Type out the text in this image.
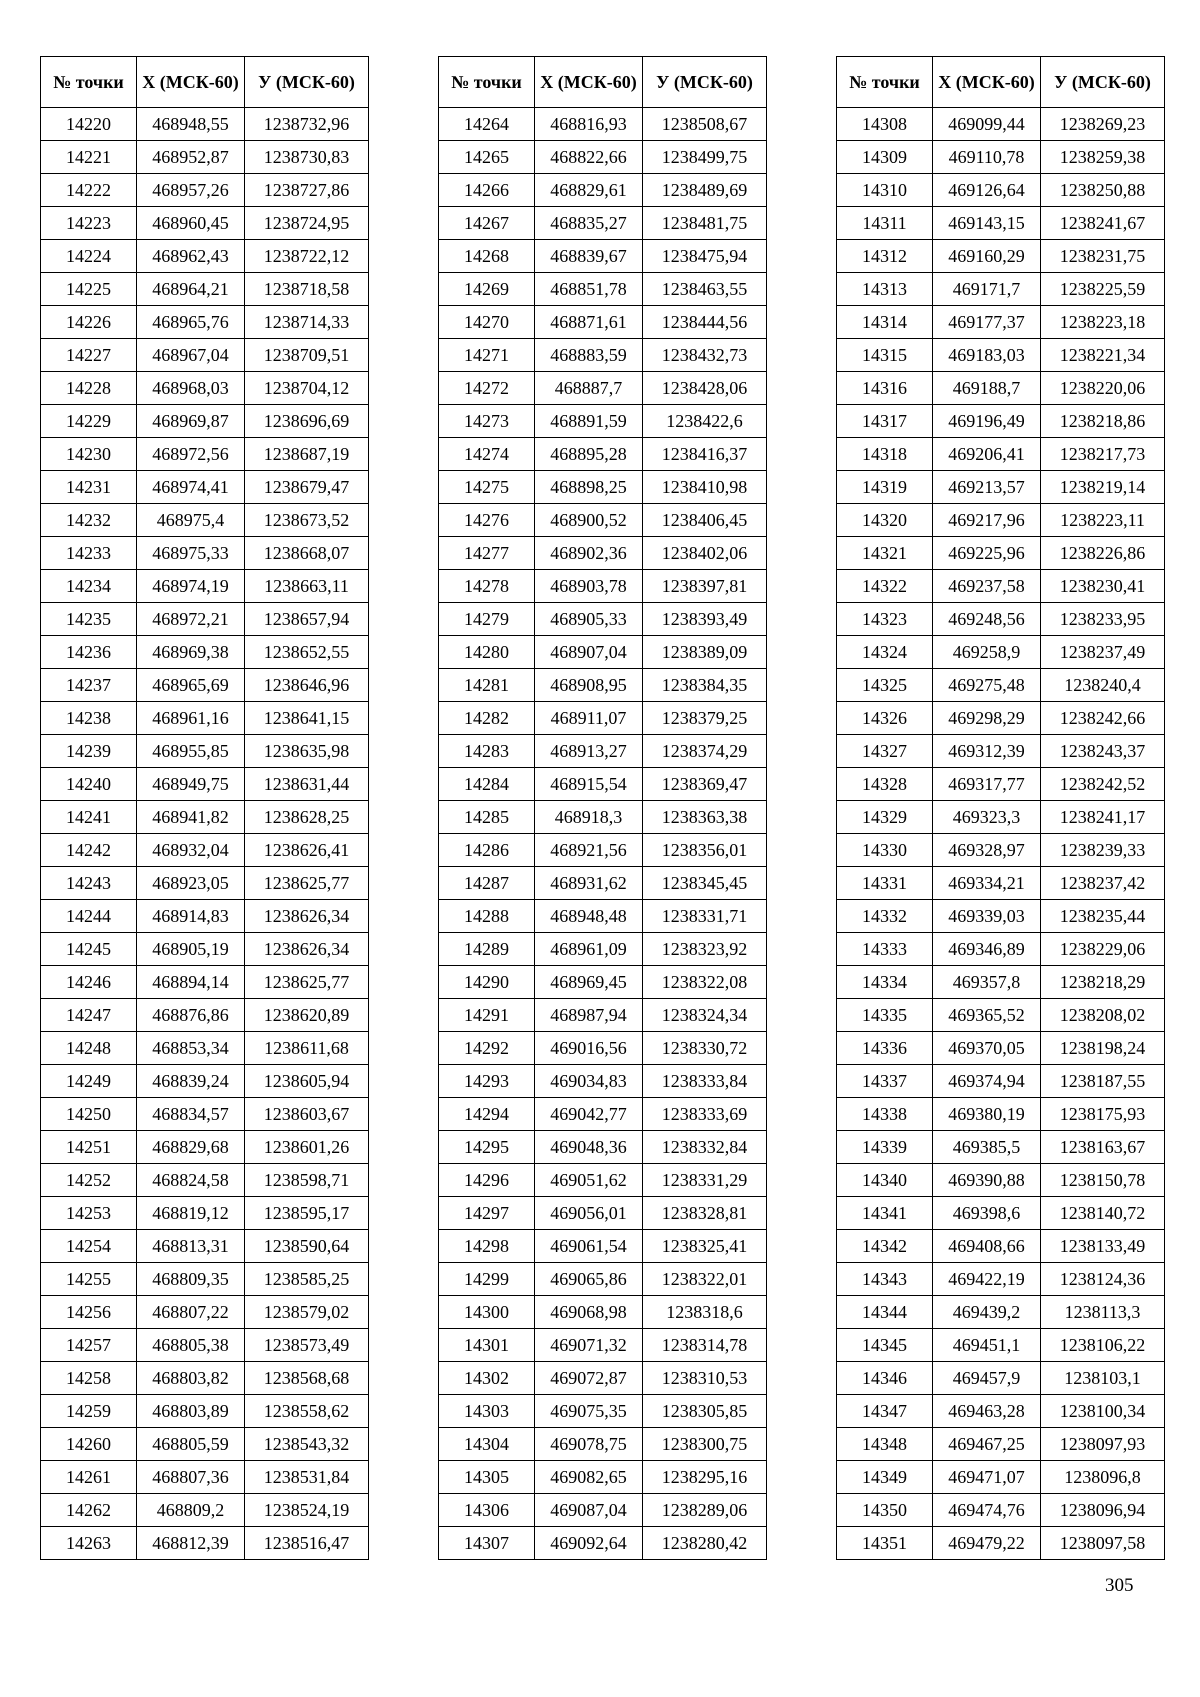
№ точки	X (МСК-60)	У (МСК-60)
14220	468948,55	1238732,96
14221	468952,87	1238730,83
14222	468957,26	1238727,86
14223	468960,45	1238724,95
14224	468962,43	1238722,12
14225	468964,21	1238718,58
14226	468965,76	1238714,33
14227	468967,04	1238709,51
14228	468968,03	1238704,12
14229	468969,87	1238696,69
14230	468972,56	1238687,19
14231	468974,41	1238679,47
14232	468975,4	1238673,52
14233	468975,33	1238668,07
14234	468974,19	1238663,11
14235	468972,21	1238657,94
14236	468969,38	1238652,55
14237	468965,69	1238646,96
14238	468961,16	1238641,15
14239	468955,85	1238635,98
14240	468949,75	1238631,44
14241	468941,82	1238628,25
14242	468932,04	1238626,41
14243	468923,05	1238625,77
14244	468914,83	1238626,34
14245	468905,19	1238626,34
14246	468894,14	1238625,77
14247	468876,86	1238620,89
14248	468853,34	1238611,68
14249	468839,24	1238605,94
14250	468834,57	1238603,67
14251	468829,68	1238601,26
14252	468824,58	1238598,71
14253	468819,12	1238595,17
14254	468813,31	1238590,64
14255	468809,35	1238585,25
14256	468807,22	1238579,02
14257	468805,38	1238573,49
14258	468803,82	1238568,68
14259	468803,89	1238558,62
14260	468805,59	1238543,32
14261	468807,36	1238531,84
14262	468809,2	1238524,19
14263	468812,39	1238516,47
№ точки	X (МСК-60)	У (МСК-60)
14264	468816,93	1238508,67
14265	468822,66	1238499,75
14266	468829,61	1238489,69
14267	468835,27	1238481,75
14268	468839,67	1238475,94
14269	468851,78	1238463,55
14270	468871,61	1238444,56
14271	468883,59	1238432,73
14272	468887,7	1238428,06
14273	468891,59	1238422,6
14274	468895,28	1238416,37
14275	468898,25	1238410,98
14276	468900,52	1238406,45
14277	468902,36	1238402,06
14278	468903,78	1238397,81
14279	468905,33	1238393,49
14280	468907,04	1238389,09
14281	468908,95	1238384,35
14282	468911,07	1238379,25
14283	468913,27	1238374,29
14284	468915,54	1238369,47
14285	468918,3	1238363,38
14286	468921,56	1238356,01
14287	468931,62	1238345,45
14288	468948,48	1238331,71
14289	468961,09	1238323,92
14290	468969,45	1238322,08
14291	468987,94	1238324,34
14292	469016,56	1238330,72
14293	469034,83	1238333,84
14294	469042,77	1238333,69
14295	469048,36	1238332,84
14296	469051,62	1238331,29
14297	469056,01	1238328,81
14298	469061,54	1238325,41
14299	469065,86	1238322,01
14300	469068,98	1238318,6
14301	469071,32	1238314,78
14302	469072,87	1238310,53
14303	469075,35	1238305,85
14304	469078,75	1238300,75
14305	469082,65	1238295,16
14306	469087,04	1238289,06
14307	469092,64	1238280,42
№ точки	X (МСК-60)	У (МСК-60)
14308	469099,44	1238269,23
14309	469110,78	1238259,38
14310	469126,64	1238250,88
14311	469143,15	1238241,67
14312	469160,29	1238231,75
14313	469171,7	1238225,59
14314	469177,37	1238223,18
14315	469183,03	1238221,34
14316	469188,7	1238220,06
14317	469196,49	1238218,86
14318	469206,41	1238217,73
14319	469213,57	1238219,14
14320	469217,96	1238223,11
14321	469225,96	1238226,86
14322	469237,58	1238230,41
14323	469248,56	1238233,95
14324	469258,9	1238237,49
14325	469275,48	1238240,4
14326	469298,29	1238242,66
14327	469312,39	1238243,37
14328	469317,77	1238242,52
14329	469323,3	1238241,17
14330	469328,97	1238239,33
14331	469334,21	1238237,42
14332	469339,03	1238235,44
14333	469346,89	1238229,06
14334	469357,8	1238218,29
14335	469365,52	1238208,02
14336	469370,05	1238198,24
14337	469374,94	1238187,55
14338	469380,19	1238175,93
14339	469385,5	1238163,67
14340	469390,88	1238150,78
14341	469398,6	1238140,72
14342	469408,66	1238133,49
14343	469422,19	1238124,36
14344	469439,2	1238113,3
14345	469451,1	1238106,22
14346	469457,9	1238103,1
14347	469463,28	1238100,34
14348	469467,25	1238097,93
14349	469471,07	1238096,8
14350	469474,76	1238096,94
14351	469479,22	1238097,58
305
